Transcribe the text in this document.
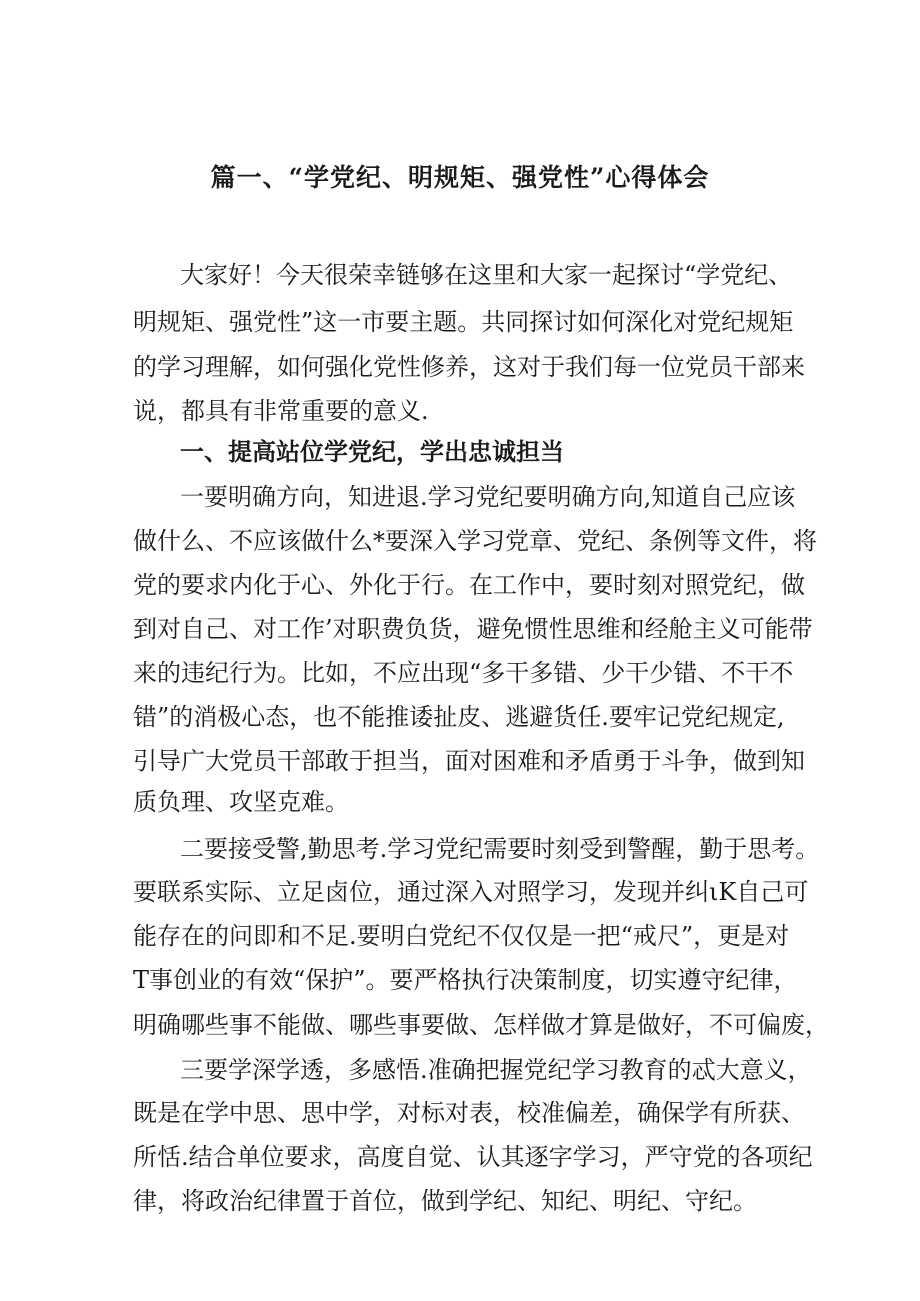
篇一、“学党纪、明规矩、强党性”心得体会
大家好！今天很荣幸链够在这里和大家一起探讨“学党纪、
明规矩、强党性”这一市要主题。共同探讨如何深化对党纪规矩
的学习理解，如何强化党性修养，这对于我们每一位党员干部来
说，都具有非常重要的意义.
一、提高站位学党纪，学出忠诚担当
一要明确方向，知进退.学习党纪要明确方向,知道自己应该
做什么、不应该做什么*要深入学习党章、党纪、条例等文件，将
党的要求内化于心、外化于行。在工作中，要时刻对照党纪，做
到对自己、对工作’对职费负货，避免惯性思维和经舱主义可能带
来的违纪行为。比如，不应出现“多干多错、少干少错、不干不
错”的消极心态，也不能推诿扯皮、逃避货任.要牢记党纪规定,
引导广大党员干部敢于担当，面对困难和矛盾勇于斗争，做到知
质负理、攻坚克难。
二要接受警,勤思考.学习党纪需要时刻受到警醒，勤于思考。
要联系实际、立足卤位，通过深入对照学习，发现并纠ιK自己可
能存在的问即和不足.要明白党纪不仅仅是一把“戒尺”，更是对
T事创业的有效“保护”。要严格执行决策制度，切实遵守纪律，
明确哪些事不能做、哪些事要做、怎样做才算是做好，不可偏废，
三要学深学透，多感悟.准确把握党纪学习教育的忒大意义，
既是在学中思、思中学，对标对表，校准偏差，确保学有所获、
所恬.结合单位要求，高度自觉、认其逐字学习，严守党的各项纪
律，将政治纪律置于首位，做到学纪、知纪、明纪、守纪。
